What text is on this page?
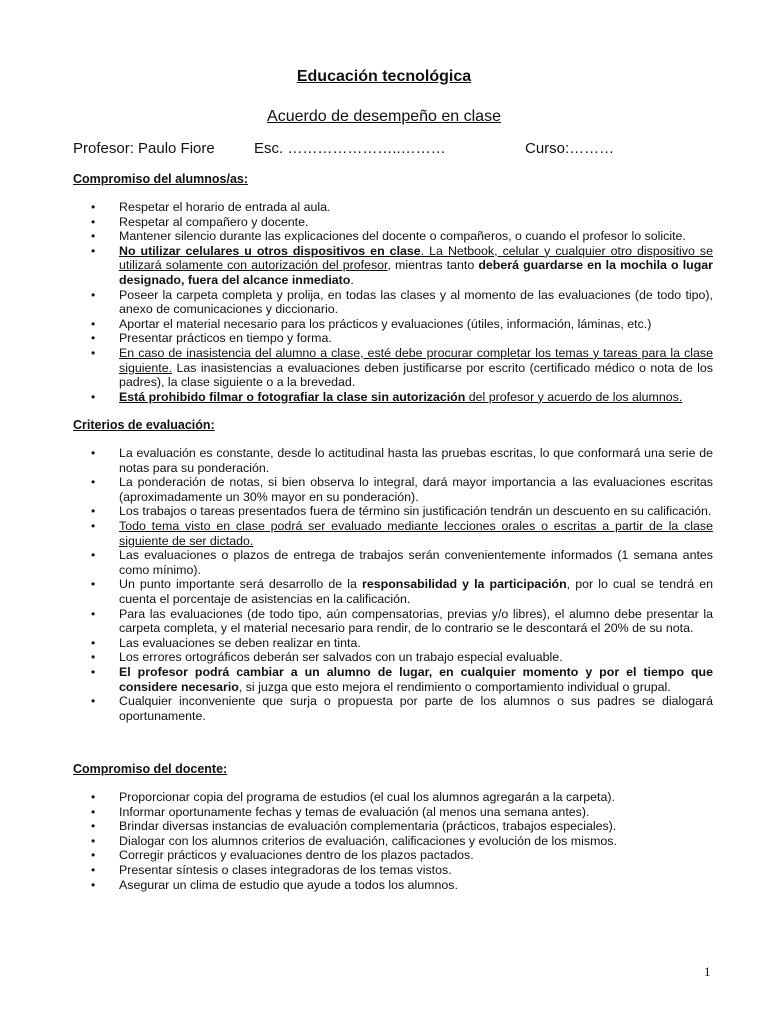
Educación tecnológica
Acuerdo de desempeño en clase
Profesor: Paulo Fiore	Esc. …………………..………	Curso:………
Compromiso del alumnos/as:
• Respetar el horario de entrada al aula.
• Respetar al compañero y docente.
• Mantener silencio durante las explicaciones del docente o compañeros, o cuando el profesor lo solicite.
• No utilizar celulares u otros dispositivos en clase. La Netbook, celular y cualquier otro dispositivo se utilizará solamente con autorización del profesor, mientras tanto deberá guardarse en la mochila o lugar designado, fuera del alcance inmediato.
• Poseer la carpeta completa y prolija, en todas las clases y al momento de las evaluaciones (de todo tipo), anexo de comunicaciones y diccionario.
• Aportar el material necesario para los prácticos y evaluaciones (útiles, información, láminas, etc.)
• Presentar prácticos en tiempo y forma.
• En caso de inasistencia del alumno a clase, esté debe procurar completar los temas y tareas para la clase siguiente. Las inasistencias a evaluaciones deben justificarse por escrito (certificado médico o nota de los padres), la clase siguiente o a la brevedad.
• Está prohibido filmar o fotografiar la clase sin autorización del profesor y acuerdo de los alumnos.
Criterios de evaluación:
• La evaluación es constante, desde lo actitudinal hasta las pruebas escritas, lo que conformará una serie de notas para su ponderación.
• La ponderación de notas, si bien observa lo integral, dará mayor importancia a las evaluaciones escritas (aproximadamente un 30% mayor en su ponderación).
• Los trabajos o tareas presentados fuera de término sin justificación tendrán un descuento en su calificación.
• Todo tema visto en clase podrá ser evaluado mediante lecciones orales o escritas a partir de la clase siguiente de ser dictado.
• Las evaluaciones o plazos de entrega de trabajos serán convenientemente informados (1 semana antes como mínimo).
• Un punto importante será desarrollo de la responsabilidad y la participación, por lo cual se tendrá en cuenta el porcentaje de asistencias en la calificación.
• Para las evaluaciones (de todo tipo, aún compensatorias, previas y/o libres), el alumno debe presentar la carpeta completa, y el material necesario para rendir, de lo contrario se le descontará el 20% de su nota.
• Las evaluaciones se deben realizar en tinta.
• Los errores ortográficos deberán ser salvados con un trabajo especial evaluable.
• El profesor podrá cambiar a un alumno de lugar, en cualquier momento y por el tiempo que considere necesario, si juzga que esto mejora el rendimiento o comportamiento individual o grupal.
• Cualquier inconveniente que surja o propuesta por parte de los alumnos o sus padres se dialogará oportunamente.
Compromiso del docente:
• Proporcionar copia del programa de estudios (el cual los alumnos agregarán a la carpeta).
• Informar oportunamente fechas y temas de evaluación (al menos una semana antes).
• Brindar diversas instancias de evaluación complementaria (prácticos, trabajos especiales).
• Dialogar con los alumnos criterios de evaluación, calificaciones y evolución de los mismos.
• Corregir prácticos y evaluaciones dentro de los plazos pactados.
• Presentar síntesis o clases integradoras de los temas vistos.
• Asegurar un clima de estudio que ayude a todos los alumnos.
1
